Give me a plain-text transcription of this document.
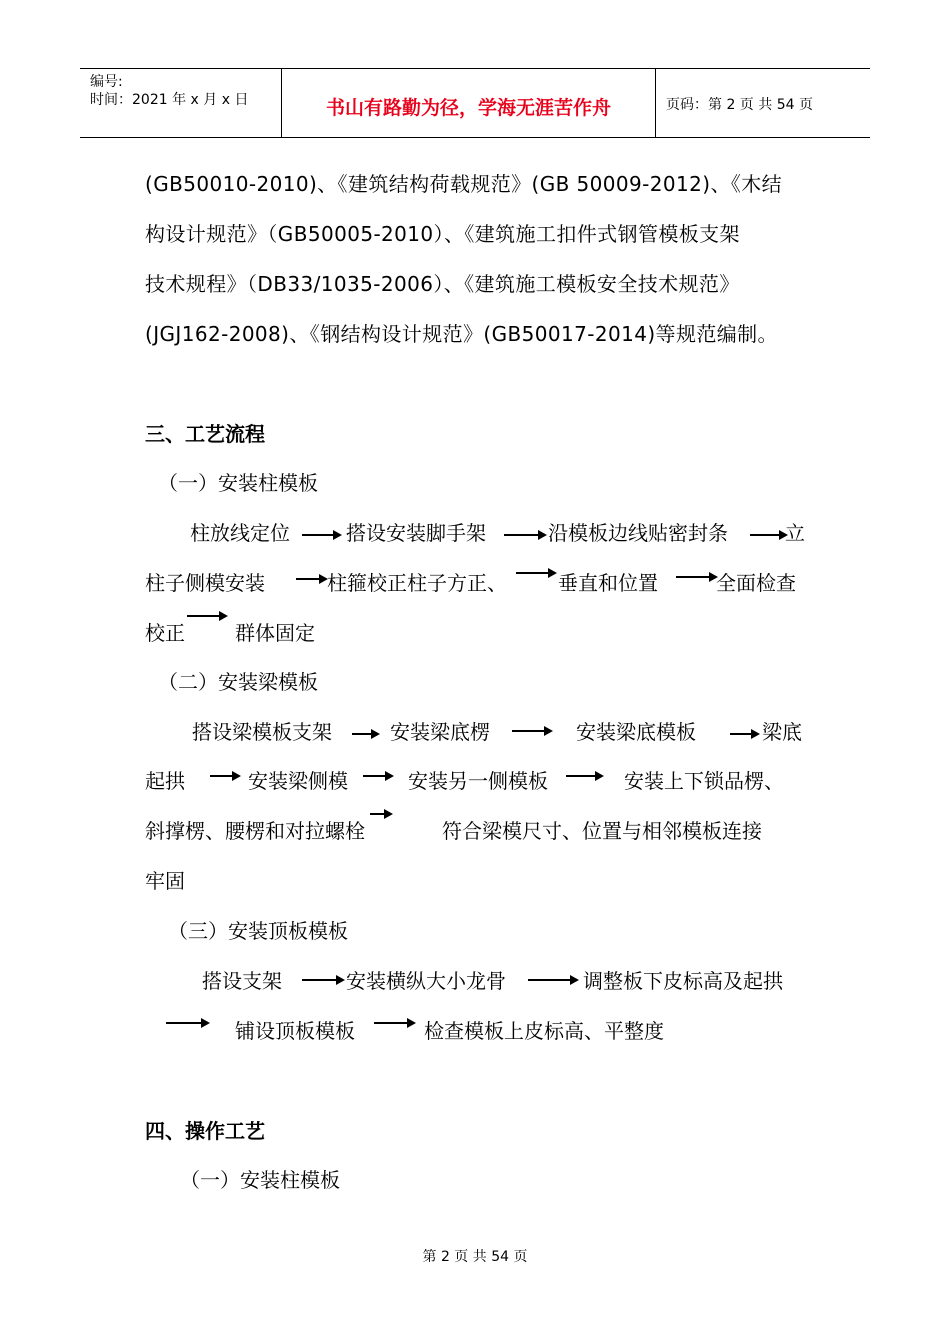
编号:
时间：2021 年 x 月 x 日	书山有路勤为径，学海无涯苦作舟	页码：第 2 页 共 54 页
(GB50010-2010)、《建筑结构荷载规范》(GB 50009-2012)、《木结
构设计规范》（GB50005-2010）、《建筑施工扣件式钢管模板支架
技术规程》（DB33/1035-2006）、《建筑施工模板安全技术规范》
(JGJ162-2008)、《钢结构设计规范》(GB50017-2014)等规范编制。
三、工艺流程
（一）安装柱模板
柱放线定位	搭设安装脚手架	沿模板边线贴密封条	立
柱子侧模安装	柱箍校正柱子方正、	垂直和位置	全面检查
校正	群体固定
（二）安装梁模板
搭设梁模板支架	安装梁底楞	安装梁底模板	梁底
起拱	安装梁侧模	安装另一侧模板	安装上下锁品楞、
斜撑楞、腰楞和对拉螺栓	符合梁模尺寸、位置与相邻模板连接
牢固
（三）安装顶板模板
搭设支架	安装横纵大小龙骨	调整板下皮标高及起拱
铺设顶板模板	检查模板上皮标高、平整度
四、操作工艺
（一）安装柱模板
第 2 页 共 54 页
